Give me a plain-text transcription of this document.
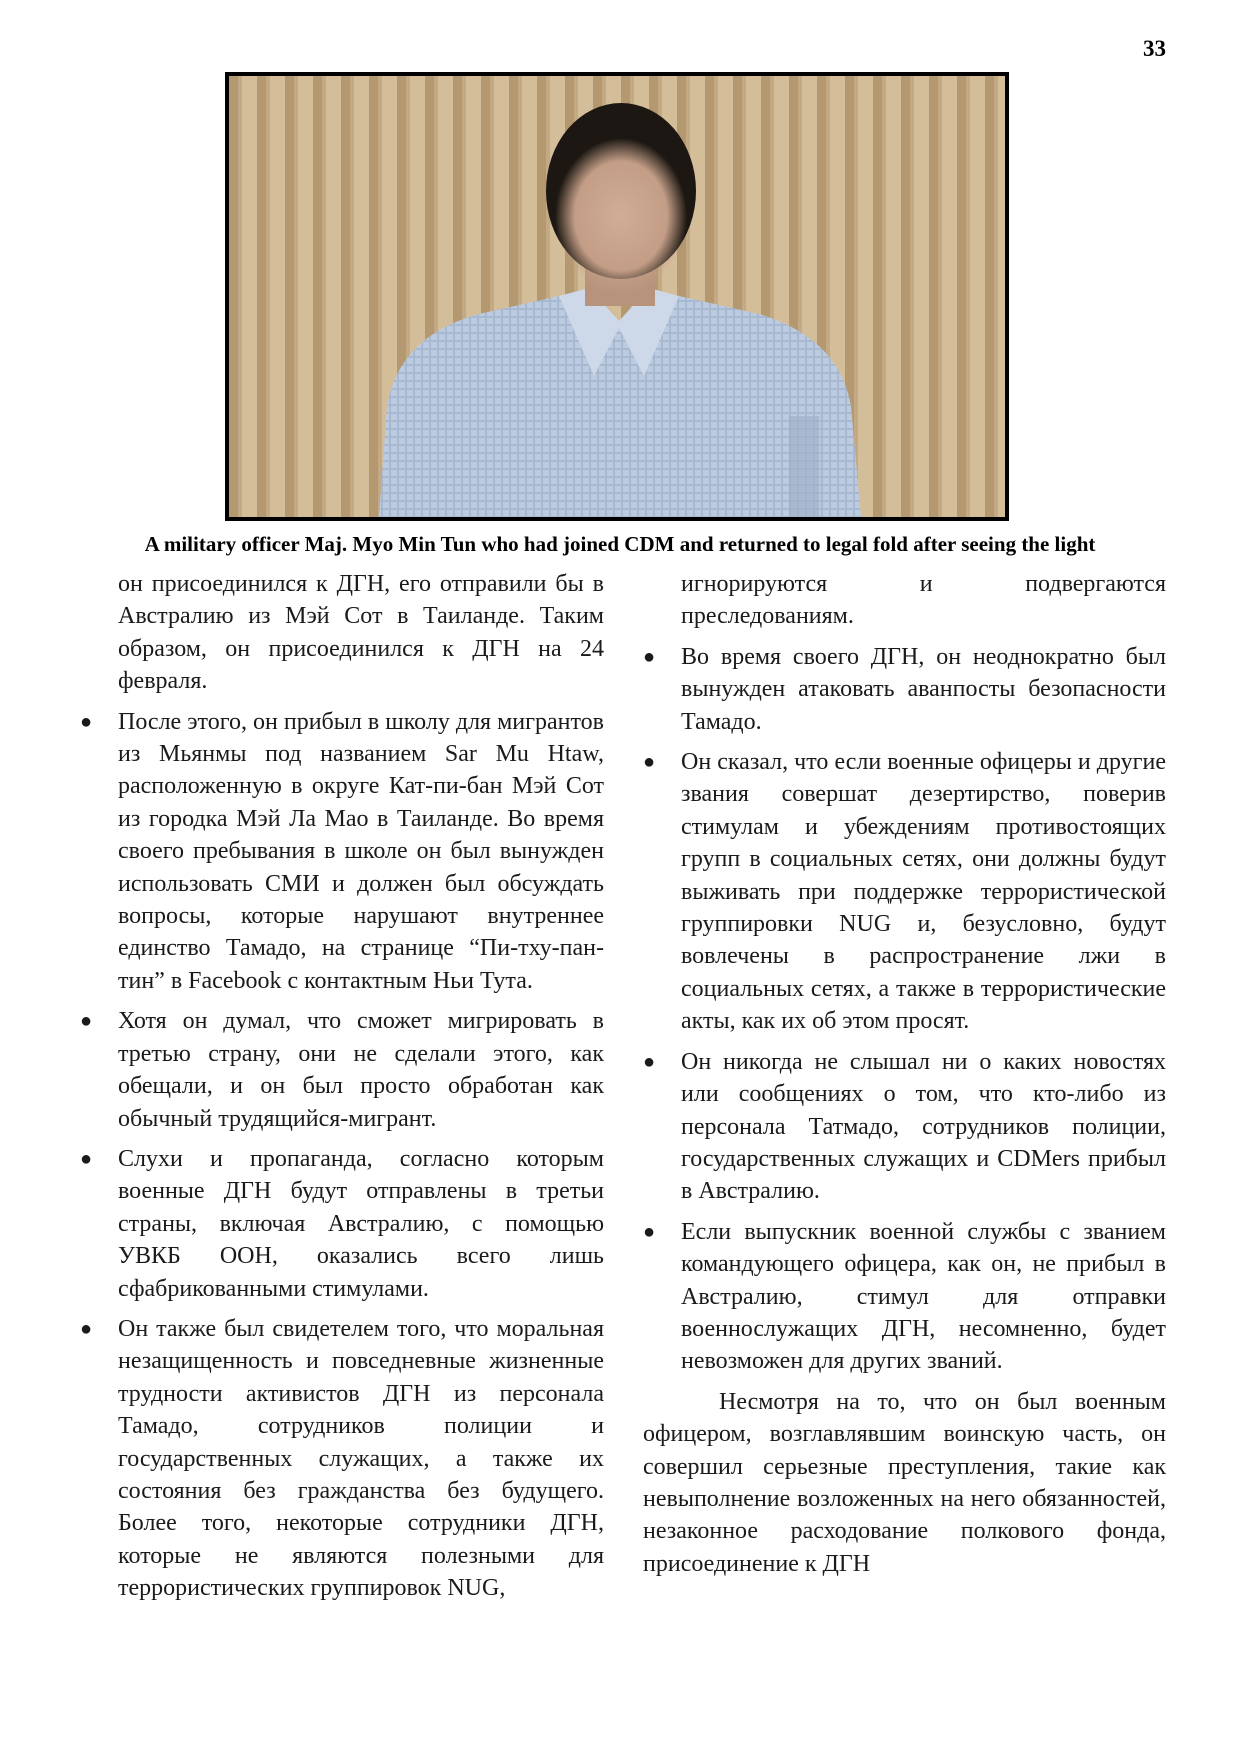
33
A military officer Maj. Myo Min Tun who had joined CDM and returned to legal fold after seeing the light

он присоединился к ДГН, его отправили бы в Австралию из Мэй Сот в Таиланде. Таким образом, он присоединился к ДГН на 24 февраля.

● После этого, он прибыл в школу для мигрантов из Мьянмы под названием Sar Mu Htaw, расположенную в округе Кат-пи-бан Мэй Сот из городка Мэй Ла Мао в Таиланде. Во время своего пребывания в школе он был вынужден использовать СМИ и должен был обсуждать вопросы, которые нарушают внутреннее единство Тамадо, на странице “Пи-тху-пан-тин” в Facebook с контактным Ньи Тута.
● Хотя он думал, что сможет мигрировать в третью страну, они не сделали этого, как обещали, и он был просто обработан как обычный трудящийся-мигрант.
● Слухи и пропаганда, согласно которым военные ДГН будут отправлены в третьи страны, включая Австралию, с помощью УВКБ ООН, оказались всего лишь сфабрикованными стимулами.
● Он также был свидетелем того, что моральная незащищенность и повседневные жизненные трудности активистов ДГН из персонала Тамадо, сотрудников полиции и государственных служащих, а также их состояния без гражданства без будущего. Более того, некоторые сотрудники ДГН, которые не являются полезными для террористических группировок NUG,

игнорируются и подвергаются преследованиям.

● Во время своего ДГН, он неоднократно был вынужден атаковать аванпосты безопасности Тамадо.
● Он сказал, что если военные офицеры и другие звания совершат дезертирство, поверив стимулам и убеждениям противостоящих групп в социальных сетях, они должны будут выживать при поддержке террористической группировки NUG и, безусловно, будут вовлечены в распространение лжи в социальных сетях, а также в террористические акты, как их об этом просят.
● Он никогда не слышал ни о каких новостях или сообщениях о том, что кто-либо из персонала Татмадо, сотрудников полиции, государственных служащих и CDMers прибыл в Австралию.
● Если выпускник военной службы с званием командующего офицера, как он, не прибыл в Австралию, стимул для отправки военнослужащих ДГН, несомненно, будет невозможен для других званий.

Несмотря на то, что он был военным офицером, возглавлявшим воинскую часть, он совершил серьезные преступления, такие как невыполнение возложенных на него обязанностей, незаконное расходование полкового фонда, присоединение к ДГН
